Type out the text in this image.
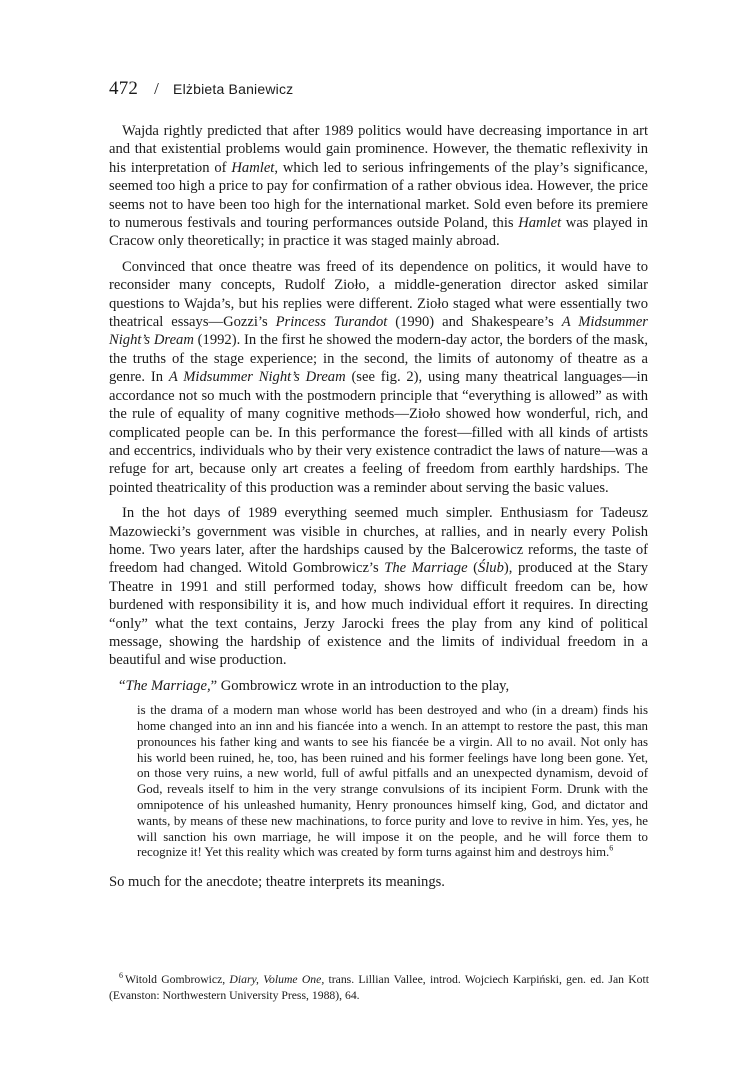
472 / Elżbieta Baniewicz

Wajda rightly predicted that after 1989 politics would have decreasing importance in art and that existential problems would gain prominence. However, the thematic reflexivity in his interpretation of Hamlet, which led to serious infringements of the play’s significance, seemed too high a price to pay for confirmation of a rather obvious idea. However, the price seems not to have been too high for the international market. Sold even before its premiere to numerous festivals and touring performances outside Poland, this Hamlet was played in Cracow only theoretically; in practice it was staged mainly abroad.

Convinced that once theatre was freed of its dependence on politics, it would have to reconsider many concepts, Rudolf Zioło, a middle-generation director asked similar questions to Wajda’s, but his replies were different. Zioło staged what were essentially two theatrical essays—Gozzi’s Princess Turandot (1990) and Shakespeare’s A Midsummer Night’s Dream (1992). In the first he showed the modern-day actor, the borders of the mask, the truths of the stage experience; in the second, the limits of autonomy of theatre as a genre. In A Midsummer Night’s Dream (see fig. 2), using many theatrical languages—in accordance not so much with the postmodern principle that “everything is allowed” as with the rule of equality of many cognitive methods—Zioło showed how wonderful, rich, and complicated people can be. In this performance the forest—filled with all kinds of artists and eccentrics, individuals who by their very existence contradict the laws of nature—was a refuge for art, because only art creates a feeling of freedom from earthly hardships. The pointed theatricality of this production was a reminder about serving the basic values.

In the hot days of 1989 everything seemed much simpler. Enthusiasm for Tadeusz Mazowiecki’s government was visible in churches, at rallies, and in nearly every Polish home. Two years later, after the hardships caused by the Balcerowicz reforms, the taste of freedom had changed. Witold Gombrowicz’s The Marriage (Ślub), produced at the Stary Theatre in 1991 and still performed today, shows how difficult freedom can be, how burdened with responsibility it is, and how much individual effort it requires. In directing “only” what the text contains, Jerzy Jarocki frees the play from any kind of political message, showing the hardship of existence and the limits of individual freedom in a beautiful and wise production.

“The Marriage,” Gombrowicz wrote in an introduction to the play,

is the drama of a modern man whose world has been destroyed and who (in a dream) finds his home changed into an inn and his fiancée into a wench. In an attempt to restore the past, this man pronounces his father king and wants to see his fiancée be a virgin. All to no avail. Not only has his world been ruined, he, too, has been ruined and his former feelings have long been gone. Yet, on those very ruins, a new world, full of awful pitfalls and an unexpected dynamism, devoid of God, reveals itself to him in the very strange convulsions of its incipient Form. Drunk with the omnipotence of his unleashed humanity, Henry pronounces himself king, God, and dictator and wants, by means of these new machinations, to force purity and love to revive in him. Yes, yes, he will sanction his own marriage, he will impose it on the people, and he will force them to recognize it! Yet this reality which was created by form turns against him and destroys him.$^6$

So much for the anecdote; theatre interprets its meanings.

$^6$ Witold Gombrowicz, Diary, Volume One, trans. Lillian Vallee, introd. Wojciech Karpiński, gen. ed. Jan Kott (Evanston: Northwestern University Press, 1988), 64.
